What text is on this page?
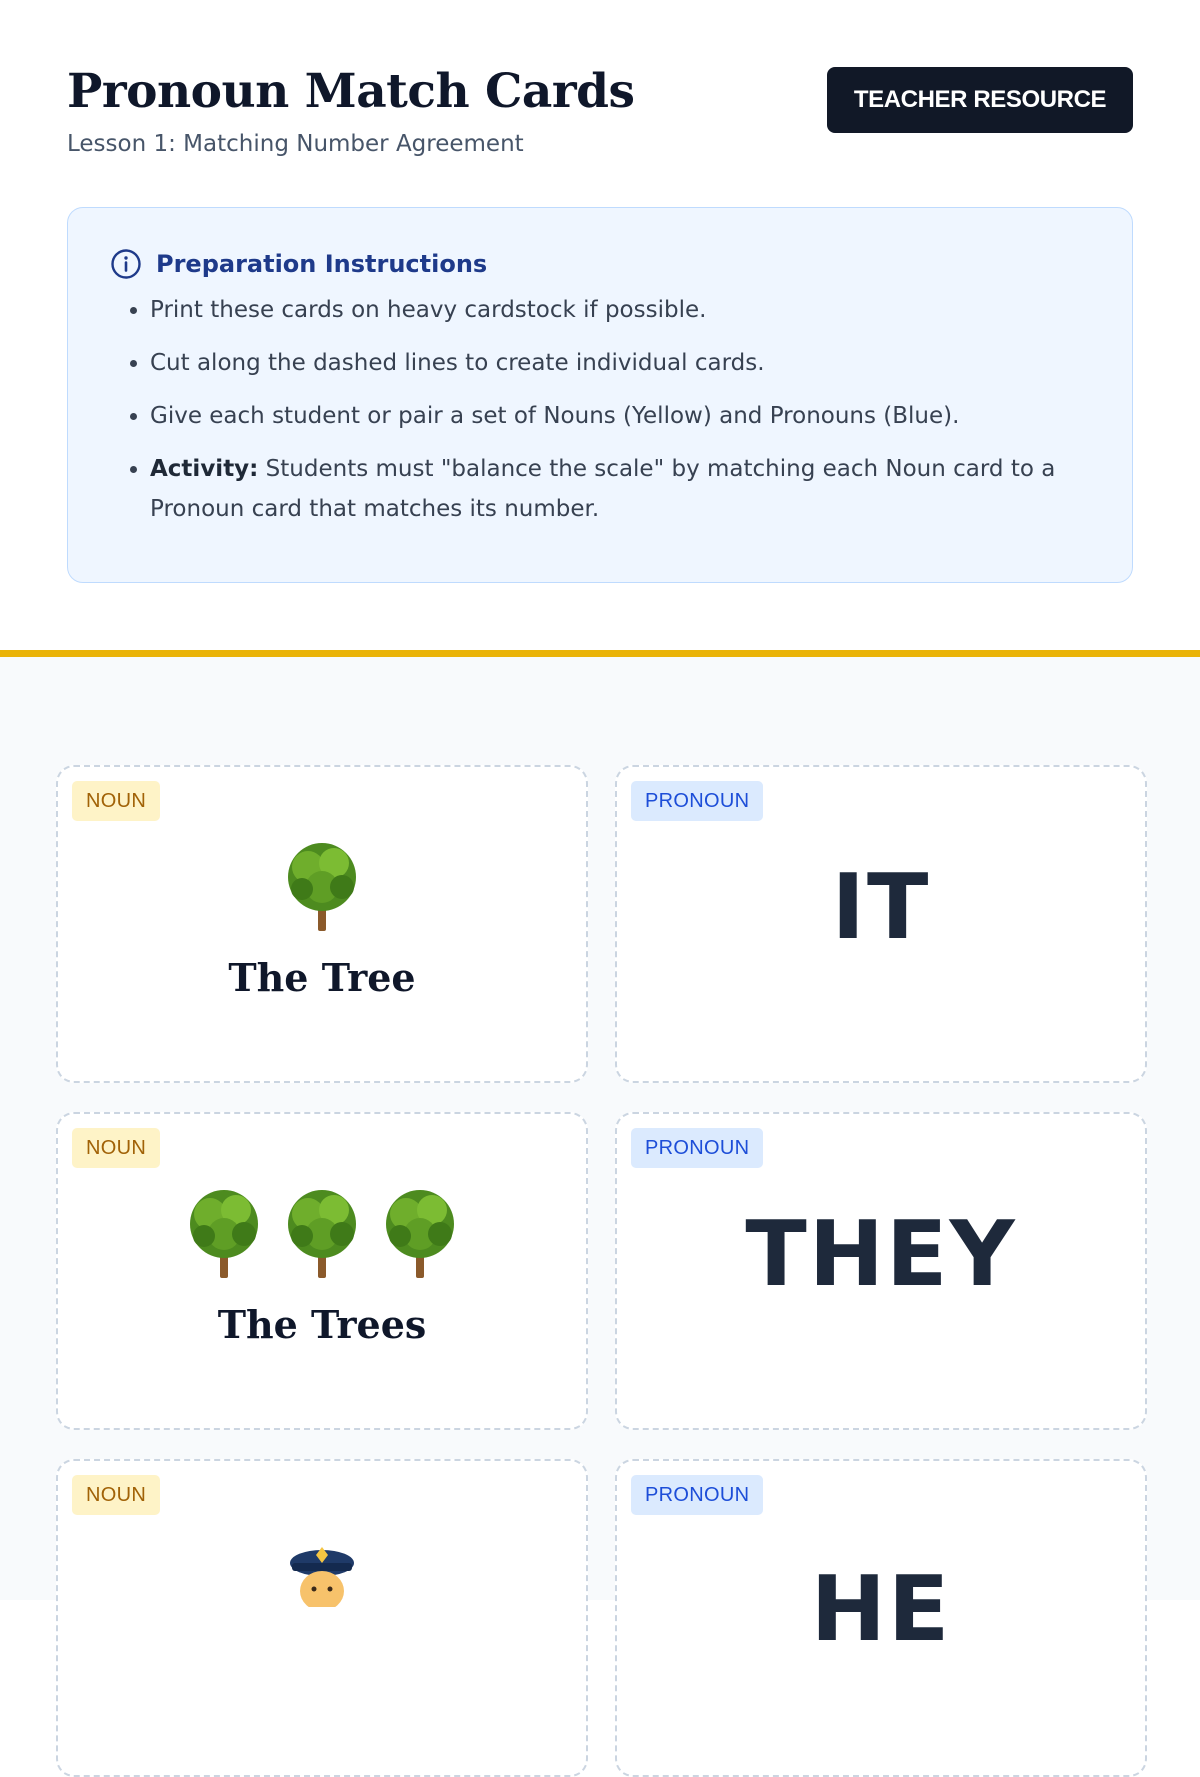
Pronoun Match Cards

Lesson 1: Matching Number Agreement

TEACHER RESOURCE
Preparation Instructions
• Print these cards on heavy cardstock if possible.
• Cut along the dashed lines to create individual cards.
• Give each student or pair a set of Nouns (Yellow) and Pronouns (Blue).
• Activity: Students must "balance the scale" by matching each Noun card to a Pronoun card that matches its number.
NOUN
The Tree
PRONOUN
IT
NOUN
The Trees
PRONOUN
THEY
NOUN	PRONOUN
HE
